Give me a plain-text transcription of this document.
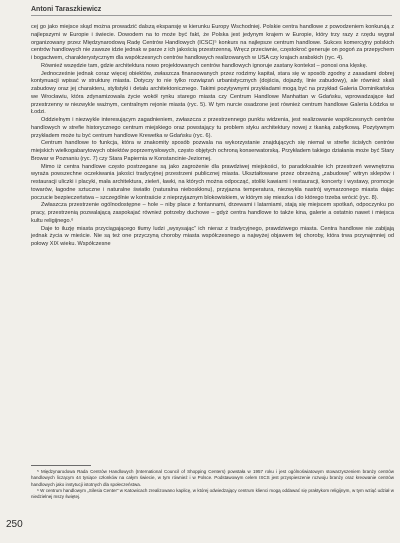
Antoni Taraszkiewicz

cej go jako miejsce skąd można prowadzić dalszą ekspansję w kierunku Europy Wschodniej. Polskie centra handlowe z powodzeniem konkurują z najlepszymi w Europie i świecie. Dowodem na to może być fakt, że Polska jest jedynym krajem w Europie, który trzy razy z rzędu wygrał organizowany przez Międzynarodową Radę Centrów Handlowych (ICSC)⁵ konkurs na najlepsze centrum handlowe. Sukces komercyjny polskich centrów handlowych nie zawsze idzie jednak w parze z ich jakością przestrzenną. Wręcz przeciwnie, częstokroć generuje on pogoń za przepychem i bogactwem, charakterystycznym dla współczesnych centrów handlowych realizowanych w USA czy krajach arabskich (ryc. 4).

Równieź wszędzie tam, gdzie architektura nowo projektowanych centrów handlowych ignoruje zastany kontekst – ponosi ona klęskę.

Jednocześnie jednak coraz więcej obiektów, zwłaszcza finansowanych przez rodzimy kapitał, stara się w sposób zgodny z zasadami dobrej kontynuacji wpisać w strukturę miasta. Dotyczy to nie tylko rozwiązań urbanistycznych (dojścia, dojazdy, linie zabudowy), ale również skali zabudowy oraz jej charakteru, stylistyki i detalu architektonicznego. Takimi pozytywnymi przykładami mogą być na przykład Galeria Dominikańska we Wrocławiu, która zdynamizowała życie wokół rynku starego miasta czy Centrum Handlowe Manhattan w Gdańsku, wprowadzające ład przestrzenny w niezwykle ważnym, centralnym rejonie miasta (ryc. 5). W tym nurcie osadzone jest również centrum handlowe Galeria Łódzka w Łodzi.

Oddzielnym i niezwykle interesującym zagadnieniem, zwłaszcza z przestrzennego punktu widzenia, jest realizowanie współczesnych centrów handlowych w strefie historycznego centrum miejskiego oraz powstający tu problem styku architektury nowej z tkanką zabytkową. Pozytywnym przykładem może tu być centrum handlowe Krewetka w Gdańsku (ryc. 6).

Centrum handlowe to funkcja, która w znakomity sposób pozwala na wykorzystanie znajdujących się niemal w strefie ścisłych centrów miejskich wielkogabarytowych obiektów poprzemysłowych, często objętych ochroną konserwatorską. Przykładem takiego działania może być Stary Browar w Poznaniu (ryc. 7) czy Stara Papiernia w Konstancinie-Jeziornej.

Mimo iż centra handlowe często postrzegane są jako zagrożenie dla prawdziwej miejskości, to paradoksalnie ich przestrzeń wewnętrzna wyraża powszechne oczekiwania jakości tradycyjnej przestrzeni publicznej miasta. Ukształtowane przez obrzeżną „zabudowę” witryn sklepów i restauracji uliczki i placyki, mała architektura, zieleń, ławki, na których można odpocząć, stoliki kawiarni i restauracji, koncerty i wystawy, promocje towarów, łagodne sztuczne i naturalne światło (naturalna nieboskłonu), przyjazna temperatura, niezwykła nastrój wymarzonego miasta dając poczucie bezpieczeństwa – szczególnie w kontraście z nieprzyjaznym blokowiskiem, w którym się mieszka i do którego trzeba wrócić (ryc. 8).

Zwłaszcza przestrzenie ogólnodostępne – hole – niby place z fontannami, drzewami i latarniami, stają się miejscem spotkań, odpoczynku po pracy, przestrzenią pozwalającą zaspokajać również potrzeby duchowe – gdyż centra handlowe to także kina, galerie a ostatnio nawet i miejsca kultu religijnego.⁶

Daje to iluzję miasta przyciągającego tłumy ludzi „wysysając” ich nieraz z tradycyjnego, prawdziwego miasta. Centra handlowe nie zabijają jednak życia w mieście. Nie są też one przyczyną choroby miasta współczesnego a najwyżej objawem tej choroby, która trwa przynajmniej od połowy XIX wieku. Współczesne

⁵ Międzynarodowa Rada Centrów Handlowych (International Council of Shopping Centers) powstała w 1957 roku i jest ogólnoświatowym stowarzyszeniem branży centrów handlowych liczącym 44 tysiące członków na całym świecie, w tym również i w Polsce. Podstawowym celem ISCS jest przyspieszenie rozwoju branży oraz kreowanie centrów handlowych jako instytucji istotnych dla społeczeństwa.

⁶ W centrum handlowym „Silesia Center” w Katowicach zrealizowano kaplicę, w której odwiedzający centrum klienci mogą oddawać się praktykom religijnym, w tym wziąć udział w niedzielnej mszy świętej.

250
